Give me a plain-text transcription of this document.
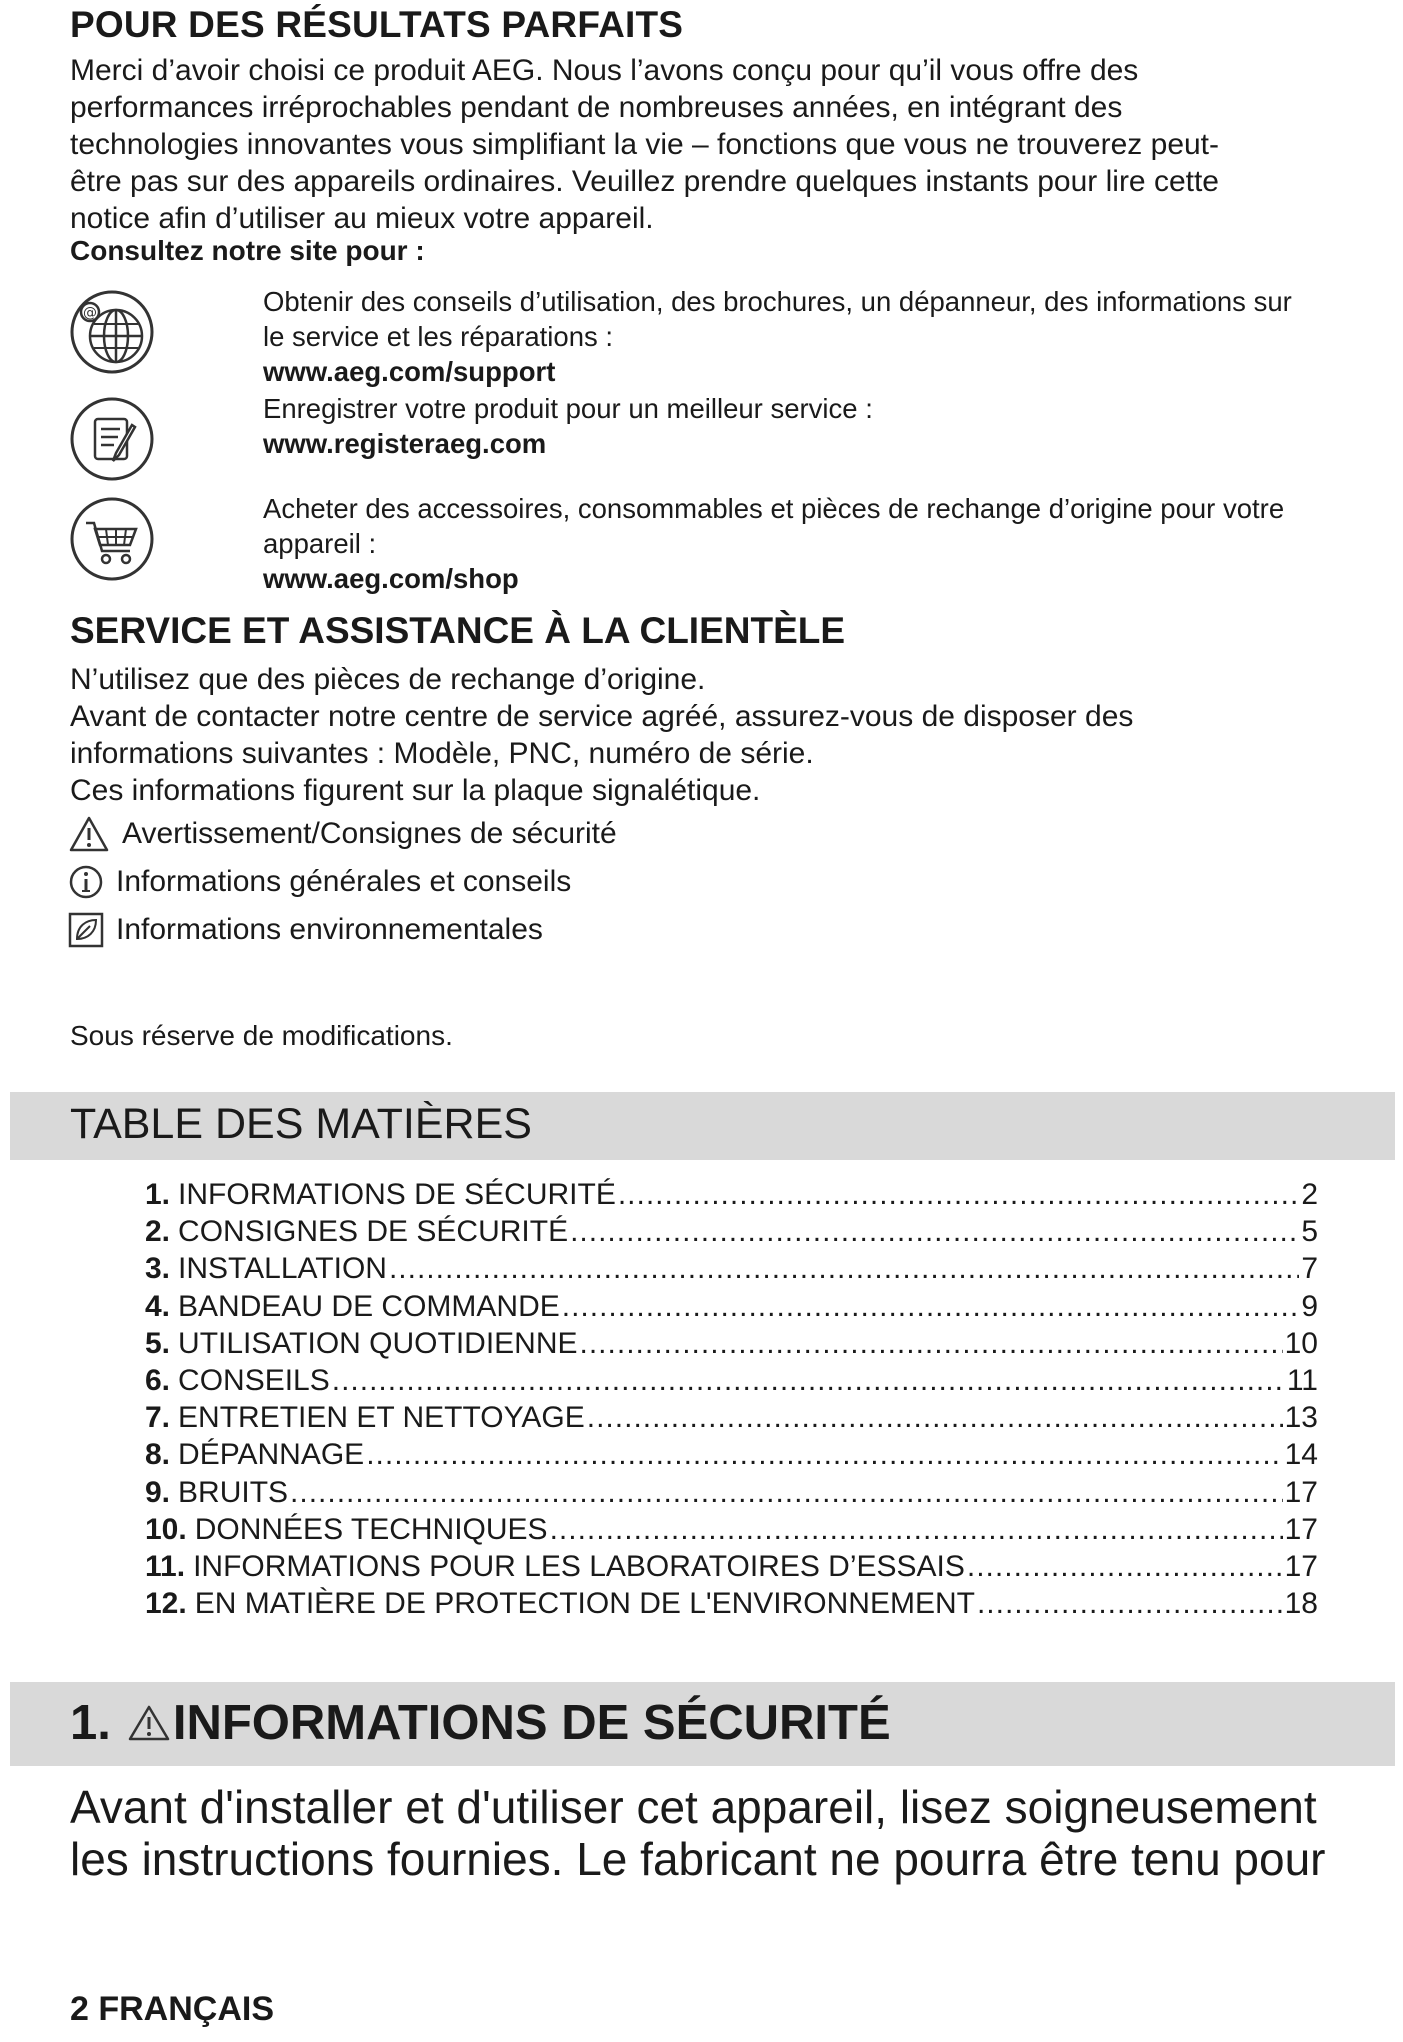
POUR DES RÉSULTATS PARFAITS
Merci d’avoir choisi ce produit AEG. Nous l’avons conçu pour qu’il vous offre des
performances irréprochables pendant de nombreuses années, en intégrant des
technologies innovantes vous simplifiant la vie – fonctions que vous ne trouverez peut-
être pas sur des appareils ordinaires. Veuillez prendre quelques instants pour lire cette
notice afin d’utiliser au mieux votre appareil.
Consultez notre site pour :
@	Obtenir des conseils d’utilisation, des brochures, un dépanneur, des informations sur
le service et les réparations :
www.aeg.com/support
Enregistrer votre produit pour un meilleur service :
www.registeraeg.com
Acheter des accessoires, consommables et pièces de rechange d’origine pour votre
appareil :
www.aeg.com/shop
SERVICE ET ASSISTANCE À LA CLIENTÈLE
N’utilisez que des pièces de rechange d’origine.
Avant de contacter notre centre de service agréé, assurez-vous de disposer des
informations suivantes : Modèle, PNC, numéro de série.
Ces informations figurent sur la plaque signalétique.
Avertissement/Consignes de sécurité
Informations générales et conseils
Informations environnementales
Sous réserve de modifications.
TABLE DES MATIÈRES
1. INFORMATIONS DE SÉCURITÉ .....	2
2. CONSIGNES DE SÉCURITÉ .....	5
3. INSTALLATION .....	7
4. BANDEAU DE COMMANDE .....	9
5. UTILISATION QUOTIDIENNE .....	10
6. CONSEILS .....	11
7. ENTRETIEN ET NETTOYAGE .....	13
8. DÉPANNAGE .....	14
9. BRUITS .....	17
10. DONNÉES TECHNIQUES .....	17
11. INFORMATIONS POUR LES LABORATOIRES D’ESSAIS .....	17
12. EN MATIÈRE DE PROTECTION DE L'ENVIRONNEMENT .....	18
1. INFORMATIONS DE SÉCURITÉ
Avant d'installer et d'utiliser cet appareil, lisez soigneusement
les instructions fournies. Le fabricant ne pourra être tenu pour
2 FRANÇAIS
